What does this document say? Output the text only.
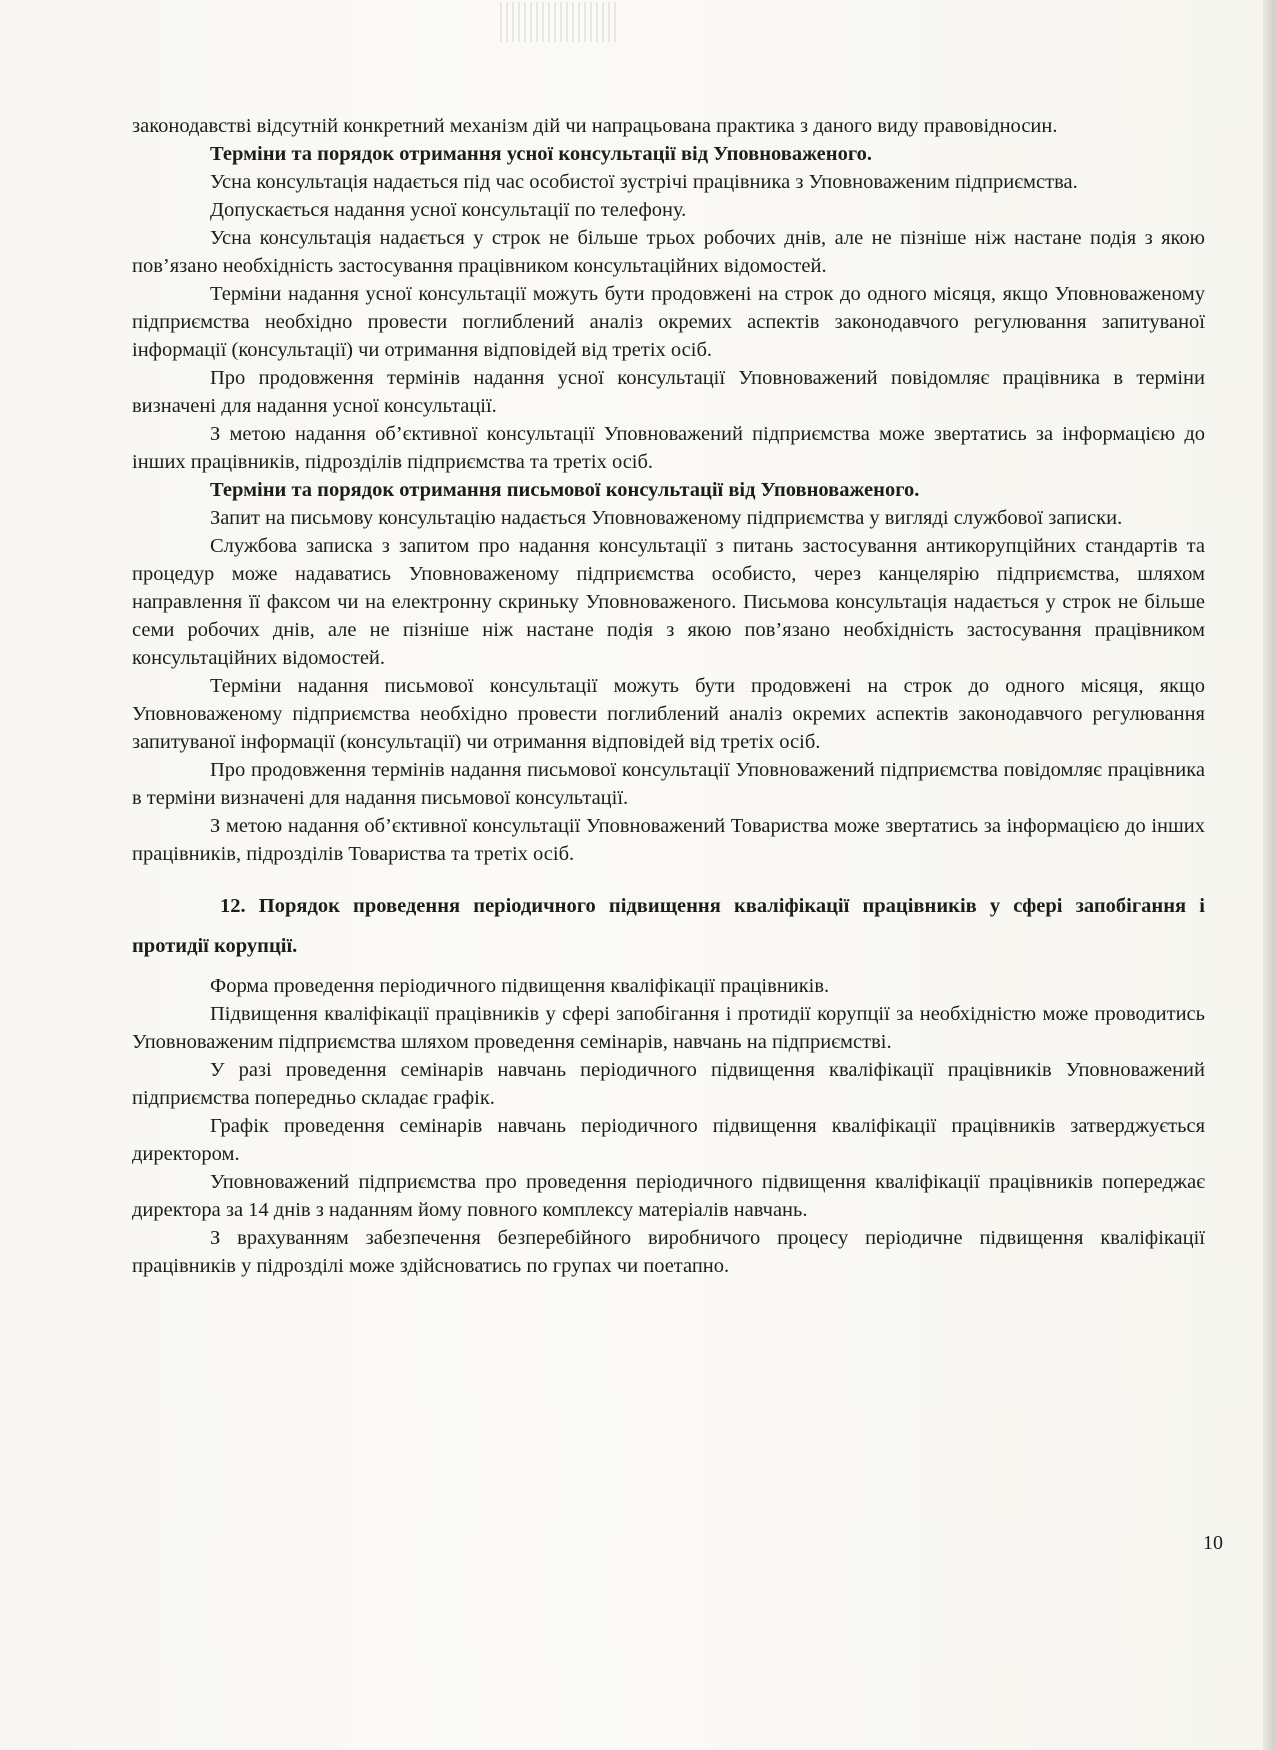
законодавстві відсутній конкретний механізм дій чи напрацьована практика з даного виду правовідносин.

Терміни та порядок отримання усної консультації від Уповноваженого.

Усна консультація надається під час особистої зустрічі працівника з Уповноваженим підприємства.

Допускається надання усної консультації по телефону.

Усна консультація надається у строк не більше трьох робочих днів, але не пізніше ніж настане подія з якою пов’язано необхідність застосування працівником консультаційних відомостей.

Терміни надання усної консультації можуть бути продовжені на строк до одного місяця, якщо Уповноваженому підприємства необхідно провести поглиблений аналіз окремих аспектів законодавчого регулювання запитуваної інформації (консультації) чи отримання відповідей від третіх осіб.

Про продовження термінів надання усної консультації Уповноважений повідомляє працівника в терміни визначені для надання усної консультації.

З метою надання об’єктивної консультації Уповноважений підприємства може звертатись за інформацією до інших працівників, підрозділів підприємства та третіх осіб.

Терміни та порядок отримання письмової консультації від Уповноваженого.

Запит на письмову консультацію надається Уповноваженому підприємства у вигляді службової записки.

Службова записка з запитом про надання консультації з питань застосування антикорупційних стандартів та процедур може надаватись Уповноваженому підприємства особисто, через канцелярію підприємства, шляхом направлення її факсом чи на електронну скриньку Уповноваженого. Письмова консультація надається у строк не більше семи робочих днів, але не пізніше ніж настане подія з якою пов’язано необхідність застосування працівником консультаційних відомостей.

Терміни надання письмової консультації можуть бути продовжені на строк до одного місяця, якщо Уповноваженому підприємства необхідно провести поглиблений аналіз окремих аспектів законодавчого регулювання запитуваної інформації (консультації) чи отримання відповідей від третіх осіб.

Про продовження термінів надання письмової консультації Уповноважений підприємства повідомляє працівника в терміни визначені для надання письмової консультації.

З метою надання об’єктивної консультації Уповноважений Товариства може звертатись за інформацією до інших працівників, підрозділів Товариства та третіх осіб.

12. Порядок проведення періодичного підвищення кваліфікації працівників у сфері запобігання і протидії корупції.

Форма проведення періодичного підвищення кваліфікації працівників.

Підвищення кваліфікації працівників у сфері запобігання і протидії корупції за необхідністю може проводитись Уповноваженим підприємства шляхом проведення семінарів, навчань на підприємстві.

У разі проведення семінарів навчань періодичного підвищення кваліфікації працівників Уповноважений підприємства попередньо складає графік.

Графік проведення семінарів навчань періодичного підвищення кваліфікації працівників затверджується директором.

Уповноважений підприємства про проведення періодичного підвищення кваліфікації працівників попереджає директора за 14 днів з наданням йому повного комплексу матеріалів навчань.

З врахуванням забезпечення безперебійного виробничого процесу періодичне підвищення кваліфікації працівників у підрозділі може здійсноватись по групах чи поетапно.

10
